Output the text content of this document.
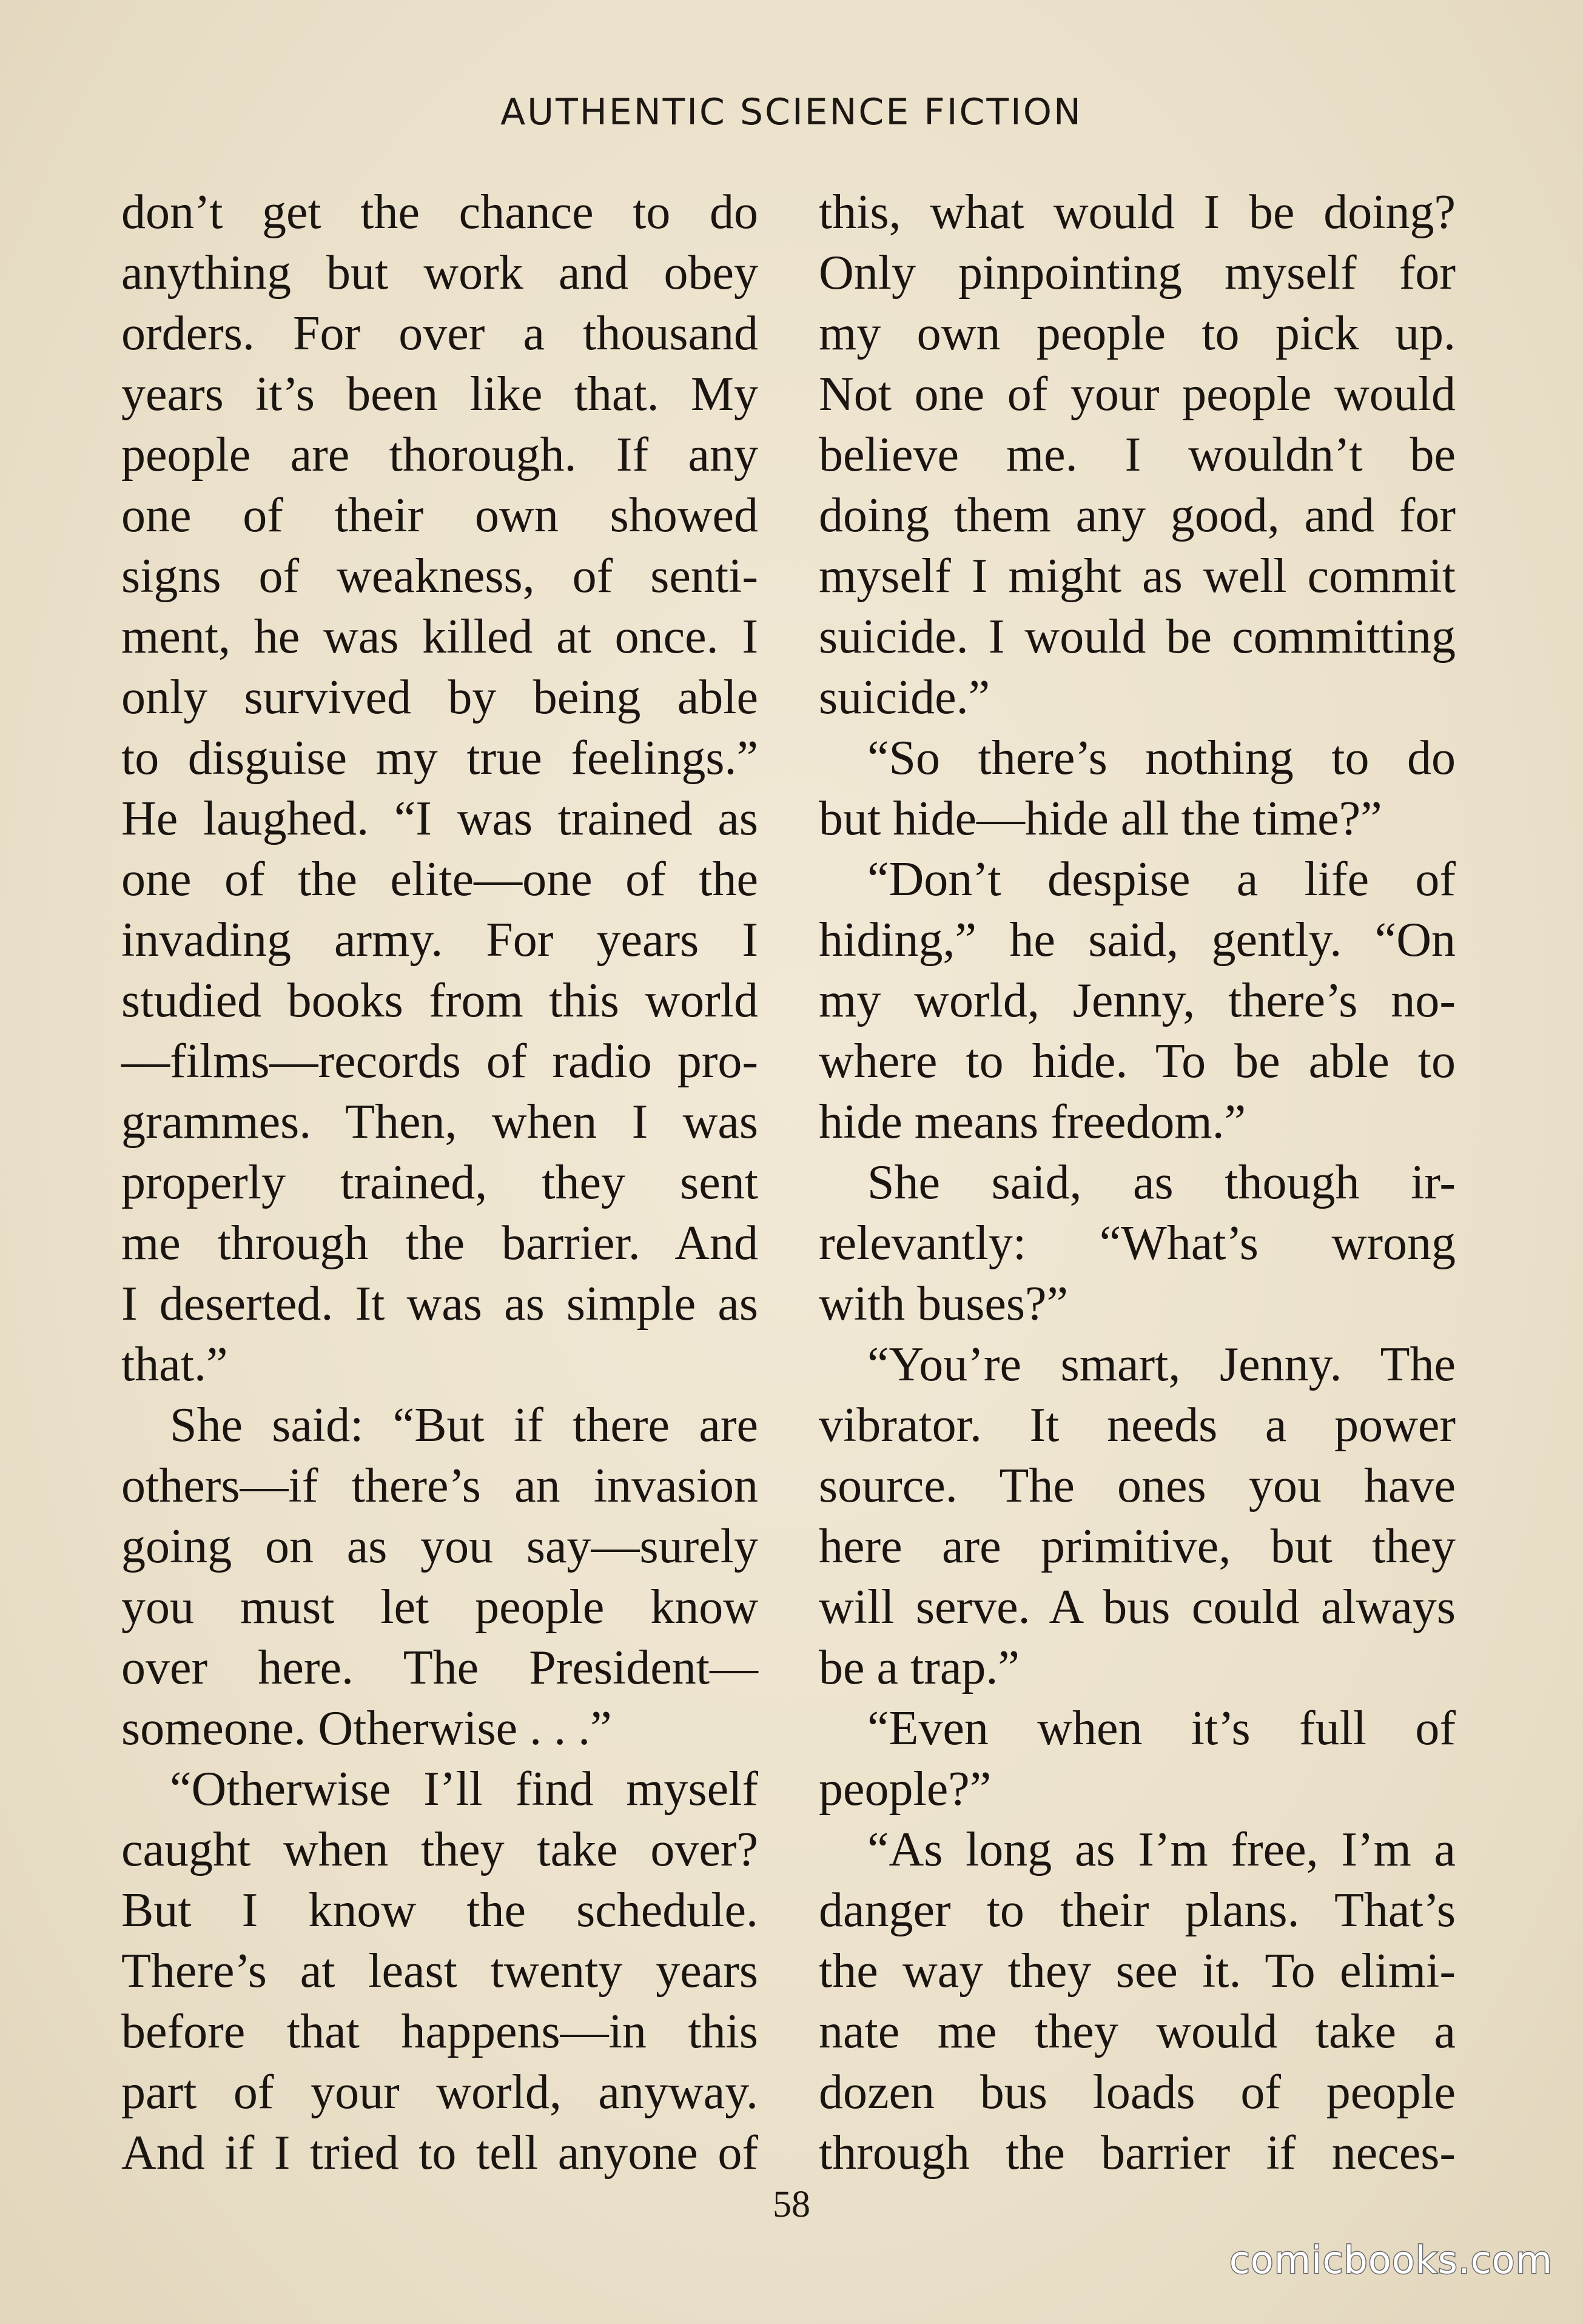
AUTHENTIC SCIENCE FICTION
don’t get the chance to do
anything but work and obey
orders. For over a thousand
years it’s been like that. My
people are thorough. If any
one of their own showed
signs of weakness, of senti-
ment, he was killed at once. I
only survived by being able
to disguise my true feelings.”
He laughed. “I was trained as
one of the elite—one of the
invading army. For years I
studied books from this world
—films—records of radio pro-
grammes. Then, when I was
properly trained, they sent
me through the barrier. And
I deserted. It was as simple as
that.”
She said: “But if there are
others—if there’s an invasion
going on as you say—surely
you must let people know
over here. The President—
someone. Otherwise . . .”
“Otherwise I’ll find myself
caught when they take over?
But I know the schedule.
There’s at least twenty years
before that happens—in this
part of your world, anyway.
And if I tried to tell anyone of
this, what would I be doing?
Only pinpointing myself for
my own people to pick up.
Not one of your people would
believe me. I wouldn’t be
doing them any good, and for
myself I might as well commit
suicide. I would be committing
suicide.”
“So there’s nothing to do
but hide—hide all the time?”
“Don’t despise a life of
hiding,” he said, gently. “On
my world, Jenny, there’s no-
where to hide. To be able to
hide means freedom.”
She said, as though ir-
relevantly: “What’s wrong
with buses?”
“You’re smart, Jenny. The
vibrator. It needs a power
source. The ones you have
here are primitive, but they
will serve. A bus could always
be a trap.”
“Even when it’s full of
people?”
“As long as I’m free, I’m a
danger to their plans. That’s
the way they see it. To elimi-
nate me they would take a
dozen bus loads of people
through the barrier if neces-
58
comicbooks.com
